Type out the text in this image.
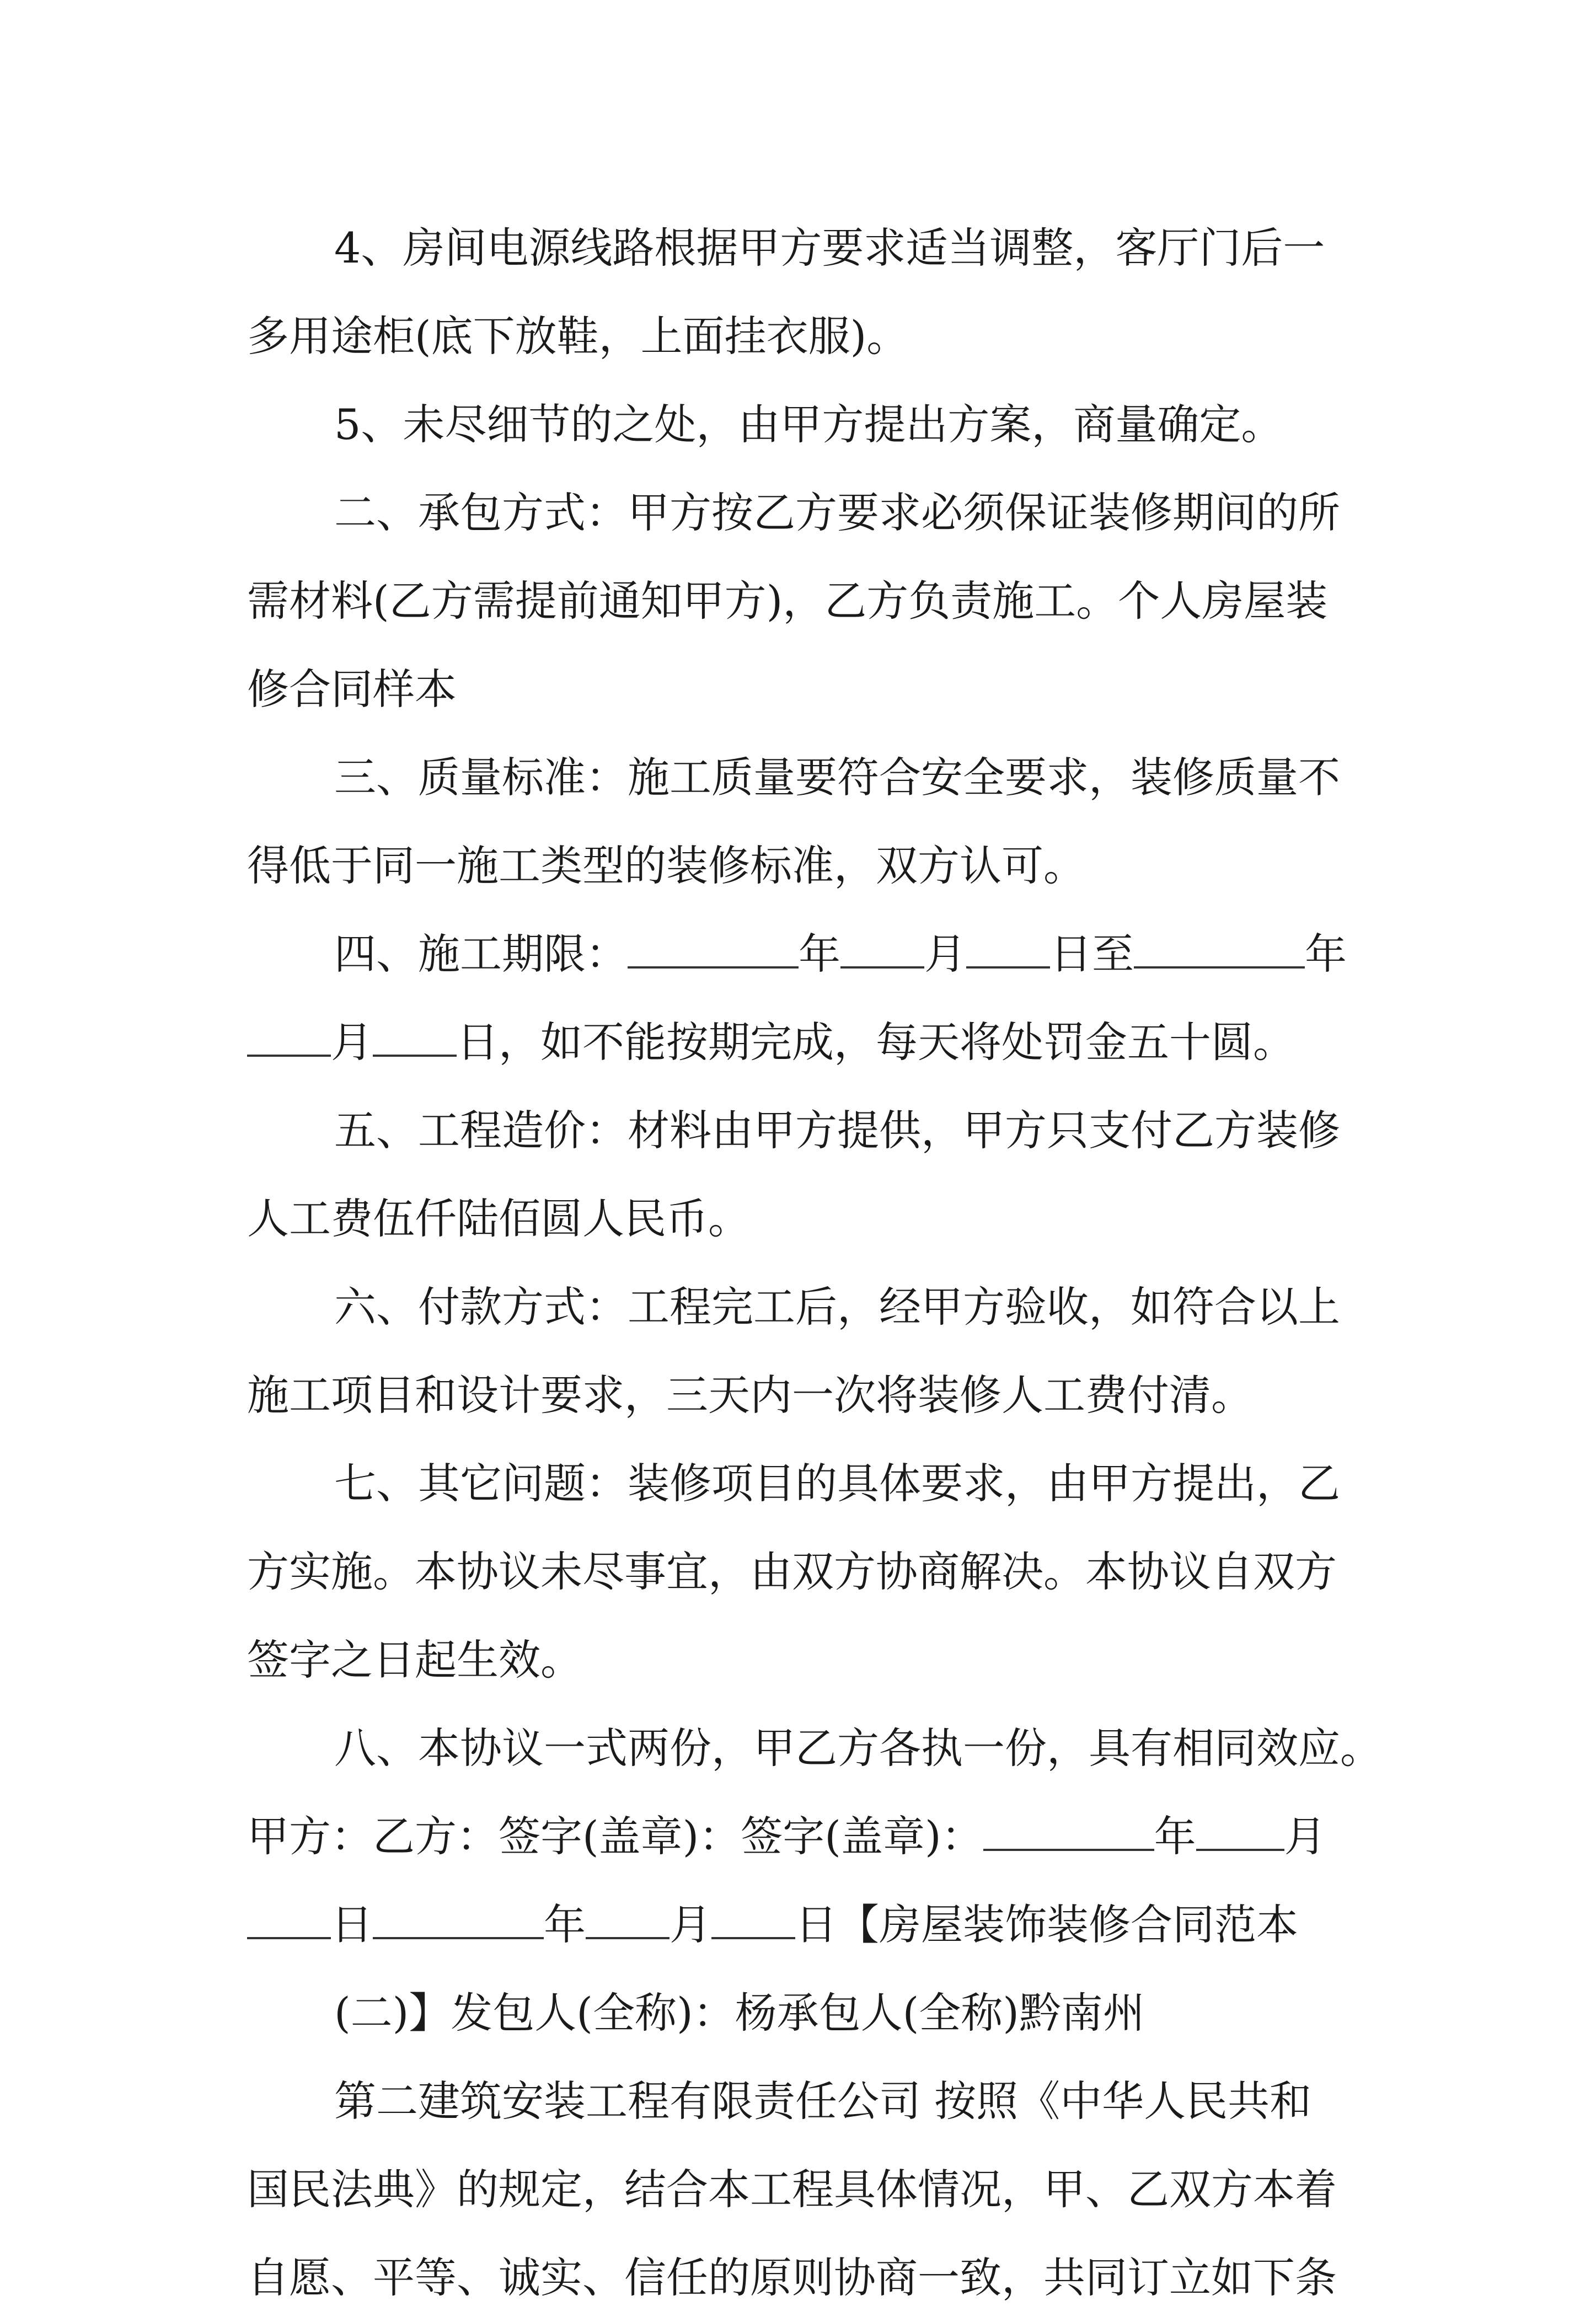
4、房间电源线路根据甲方要求适当调整，客厅门后一
多用途柜(底下放鞋，上面挂衣服)。
5、未尽细节的之处，由甲方提出方案，商量确定。
二、承包方式：甲方按乙方要求必须保证装修期间的所
需材料(乙方需提前通知甲方)，乙方负责施工。个人房屋装
修合同样本
三、质量标准：施工质量要符合安全要求，装修质量不
得低于同一施工类型的装修标准，双方认可。
四、施工期限：	年 月 日至	年
月 日，如不能按期完成，每天将处罚金五十圆。
五、工程造价：材料由甲方提供，甲方只支付乙方装修
人工费伍仟陆佰圆人民币。
六、付款方式：工程完工后，经甲方验收，如符合以上
施工项目和设计要求，三天内一次将装修人工费付清。
七、其它问题：装修项目的具体要求，由甲方提出，乙
方实施。本协议未尽事宜，由双方协商解决。本协议自双方
签字之日起生效。
八、本协议一式两份，甲乙方各执一份，具有相同效应。
甲方：乙方：签字(盖章)：签字(盖章)：	年 月
日	年 月 日【房屋装饰装修合同范本
(二)】发包人(全称)：杨承包人(全称)黔南州
第二建筑安装工程有限责任公司 按照《中华人民共和
国民法典》的规定，结合本工程具体情况，甲、乙双方本着
自愿、平等、诚实、信任的原则协商一致，共同订立如下条
